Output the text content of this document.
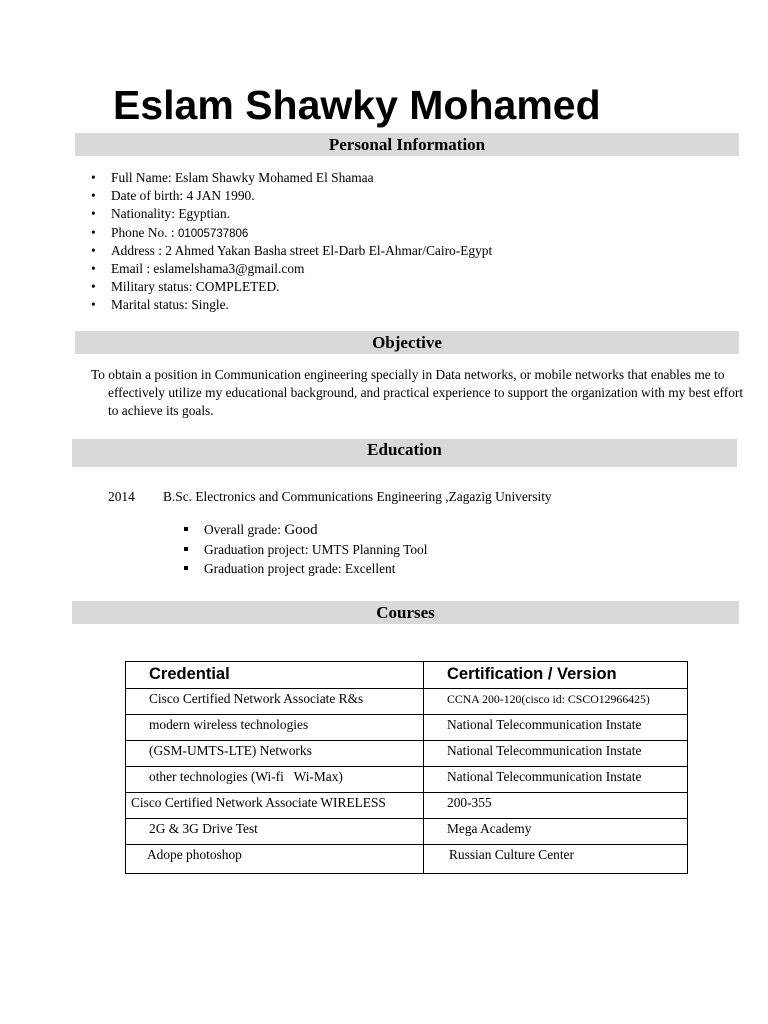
Eslam Shawky Mohamed
Personal Information
• Full Name: Eslam Shawky Mohamed El Shamaa
• Date of birth: 4 JAN 1990.
• Nationality: Egyptian.
• Phone No. : 01005737806
• Address : 2 Ahmed Yakan Basha street El-Darb El-Ahmar/Cairo-Egypt
• Email : eslamelshama3@gmail.com
• Military status: COMPLETED.
• Marital status: Single.
Objective

To obtain a position in Communication engineering specially in Data networks, or mobile networks that enables me to effectively utilize my educational background, and practical experience to support the organization with my best effort to achieve its goals.

Education
2014 B.Sc. Electronics and Communications Engineering ,Zagazig University
Overall grade: Good
Graduation project: UMTS Planning Tool
Graduation project grade: Excellent
Courses
Credential	Certification / Version
Cisco Certified Network Associate R&s	CCNA 200-120(cisco id: CSCO12966425)
modern wireless technologies	National Telecommunication Instate
(GSM-UMTS-LTE) Networks	National Telecommunication Instate
other technologies (Wi-fi   Wi-Max)	National Telecommunication Instate
Cisco Certified Network Associate WIRELESS	200-355
2G & 3G Drive Test	Mega Academy
Adope photoshop	Russian Culture Center
